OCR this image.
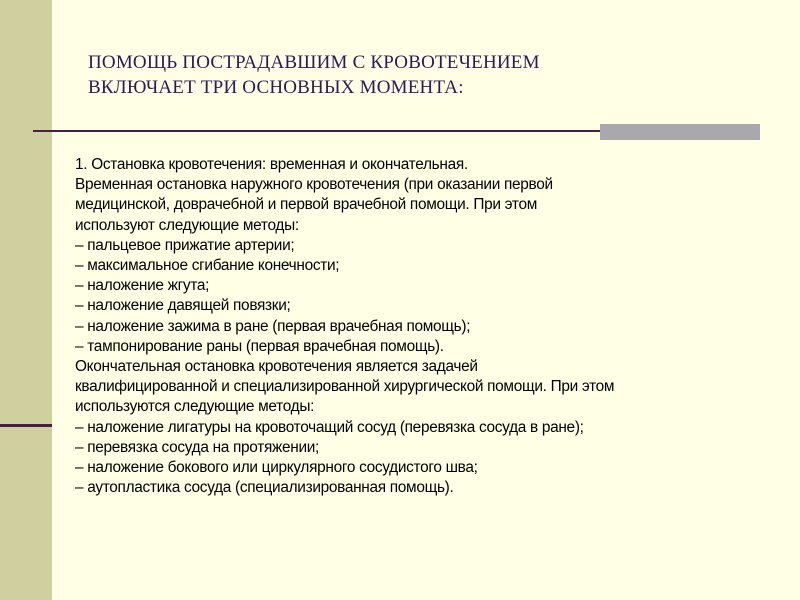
ПОМОЩЬ ПОСТРАДАВШИМ С КРОВОТЕЧЕНИЕМ
ВКЛЮЧАЕТ ТРИ ОСНОВНЫХ МОМЕНТА:
1. Остановка кровотечения: временная и окончательная.
Временная остановка наружного кровотечения (при оказании первой
медицинской, доврачебной и первой врачебной помощи. При этом
используют следующие методы:
– пальцевое прижатие артерии;
– максимальное сгибание конечности;
– наложение жгута;
– наложение давящей повязки;
– наложение зажима в ране (первая врачебная помощь);
– тампонирование раны (первая врачебная помощь).
Окончательная остановка кровотечения является задачей
квалифицированной и специализированной хирургической помощи. При этом
используются следующие методы:
– наложение лигатуры на кровоточащий сосуд (перевязка сосуда в ране);
– перевязка сосуда на протяжении;
– наложение бокового или циркулярного сосудистого шва;
– аутопластика сосуда (специализированная помощь).
